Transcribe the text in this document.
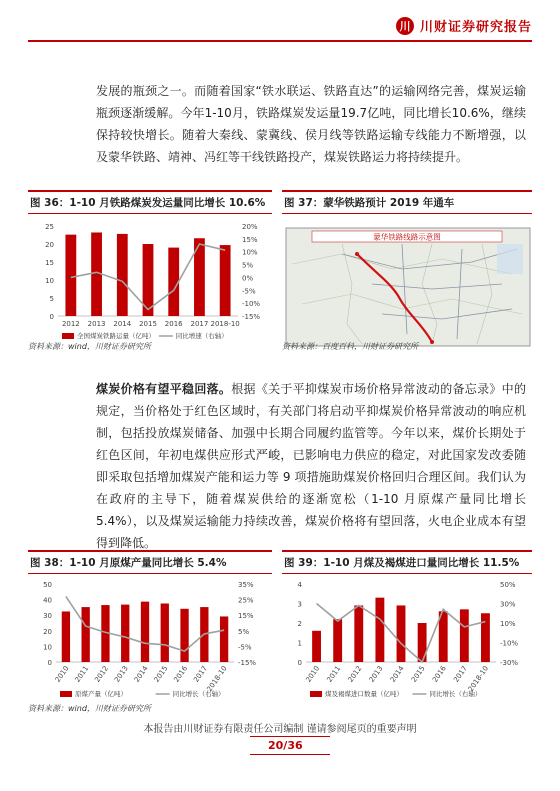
川 川财证券研究报告
发展的瓶颈之一。而随着国家“铁水联运、铁路直达”的运输网络完善，煤炭运输瓶颈逐渐缓解。今年1-10月，铁路煤炭发运量19.7亿吨，同比增长10.6%，继续保持较快增长。随着大秦线、蒙冀线、侯月线等铁路运输专线能力不断增强，以及蒙华铁路、靖神、冯红等干线铁路投产，煤炭铁路运力将持续提升。
图 36：1-10 月铁路煤炭发运量同比增长 10.6%
0
5
10
15
20
25
-15%
-10%
-5%
0%
5%
10%
15%
20%
2012 2013 2014 2015 2016 2017 2018-10
全国煤炭铁路运量（亿吨）	同比增速（右轴）
资料来源：wind，川财证券研究所
图 37：蒙华铁路预计 2019 年通车
蒙华铁路线路示意图
资料来源：百度百科，川财证券研究所
煤炭价格有望平稳回落。根据《关于平抑煤炭市场价格异常波动的备忘录》中的规定，当价格处于红色区域时，有关部门将启动平抑煤炭价格异常波动的响应机制，包括投放煤炭储备、加强中长期合同履约监管等。今年以来，煤价长期处于红色区间，年初电煤供应形式严峻，已影响电力供应的稳定，对此国家发改委随即采取包括增加煤炭产能和运力等 9 项措施助煤炭价格回归合理区间。我们认为在政府的主导下，随着煤炭供给的逐渐宽松（1-10 月原煤产量同比增长 5.4%），以及煤炭运输能力持续改善，煤炭价格将有望回落，火电企业成本有望得到降低。
图 38：1-10 月原煤产量同比增长 5.4%
0
10
20
30
40
50
-15%
-5%
5%
15%
25%
35%
2010 2011 2012 2013 2014 2015 2016 2017
2018-10
原煤产量（亿吨）	同比增长（右轴）
资料来源：wind，川财证券研究所
图 39：1-10 月煤及褐煤进口量同比增长 11.5%
0
1
2
3
4
-30%
-10%
10%
30%
50%
2010 2011 2012 2013 2014 2015 2016 2017
2018-10
煤及褐煤进口数量（亿吨）	同比增长（右轴）
本报告由川财证券有限责任公司编制 谨请参阅尾页的重要声明
20/36
